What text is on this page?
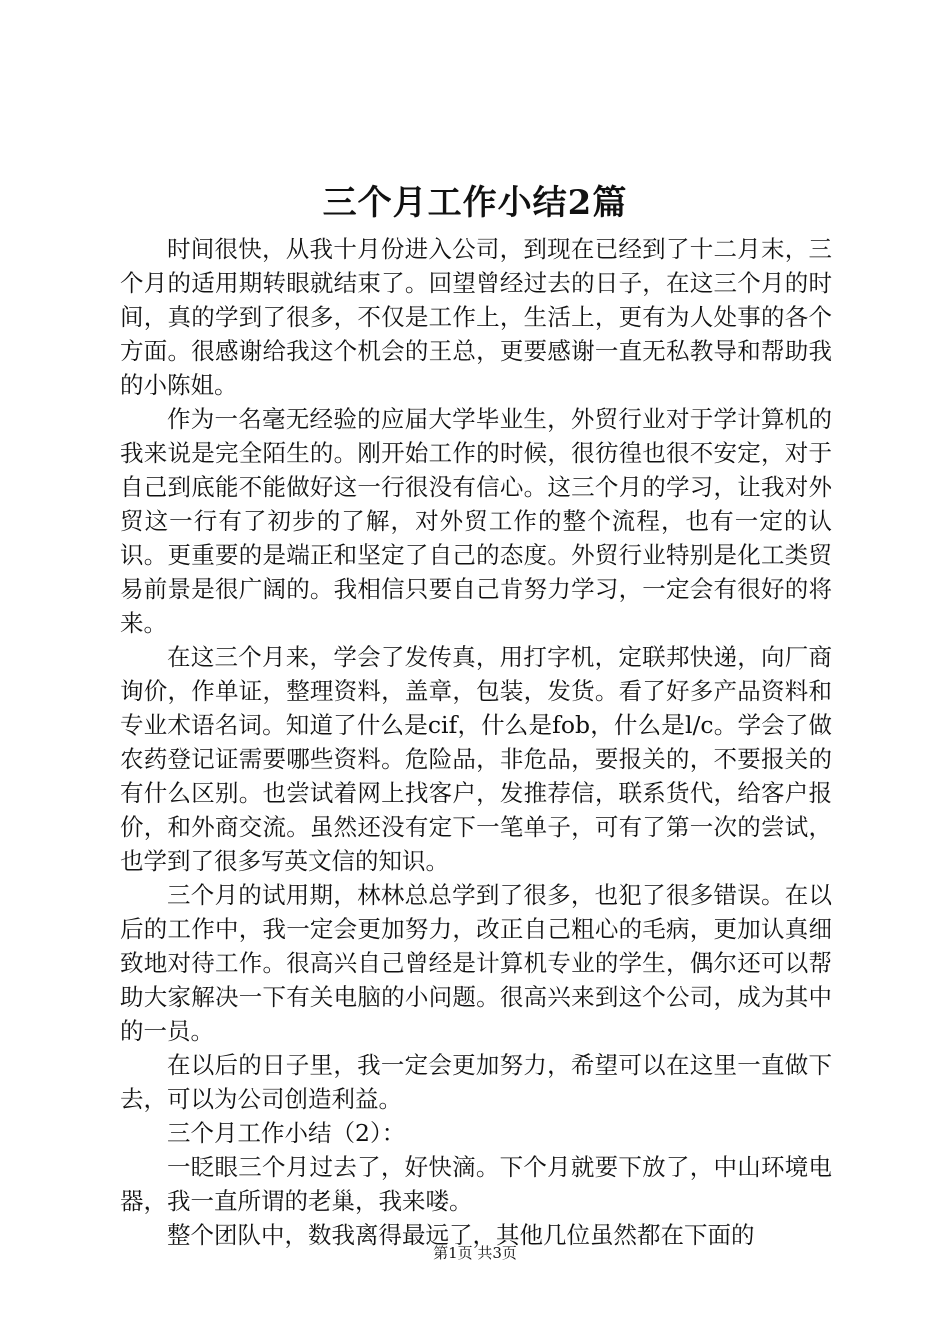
三个月工作小结2篇

时间很快，从我十月份进入公司，到现在已经到了十二月末，三个月的适用期转眼就结束了。回望曾经过去的日子，在这三个月的时间，真的学到了很多，不仅是工作上，生活上，更有为人处事的各个方面。很感谢给我这个机会的王总，更要感谢一直无私教导和帮助我的小陈姐。

作为一名毫无经验的应届大学毕业生，外贸行业对于学计算机的我来说是完全陌生的。刚开始工作的时候，很彷徨也很不安定，对于自己到底能不能做好这一行很没有信心。这三个月的学习，让我对外贸这一行有了初步的了解，对外贸工作的整个流程，也有一定的认识。更重要的是端正和坚定了自己的态度。外贸行业特别是化工类贸易前景是很广阔的。我相信只要自己肯努力学习，一定会有很好的将来。

在这三个月来，学会了发传真，用打字机，定联邦快递，向厂商询价，作单证，整理资料，盖章，包装，发货。看了好多产品资料和专业术语名词。知道了什么是cif，什么是fob，什么是l/c。学会了做农药登记证需要哪些资料。危险品，非危品，要报关的，不要报关的有什么区别。也尝试着网上找客户，发推荐信，联系货代，给客户报价，和外商交流。虽然还没有定下一笔单子，可有了第一次的尝试，也学到了很多写英文信的知识。

三个月的试用期，林林总总学到了很多，也犯了很多错误。在以后的工作中，我一定会更加努力，改正自己粗心的毛病，更加认真细致地对待工作。很高兴自己曾经是计算机专业的学生，偶尔还可以帮助大家解决一下有关电脑的小问题。很高兴来到这个公司，成为其中的一员。

在以后的日子里，我一定会更加努力，希望可以在这里一直做下去，可以为公司创造利益。

三个月工作小结（2）：

一眨眼三个月过去了，好快滴。下个月就要下放了，中山环境电器，我一直所谓的老巢，我来喽。

整个团队中，数我离得最远了，其他几位虽然都在下面的

第1页 共3页
